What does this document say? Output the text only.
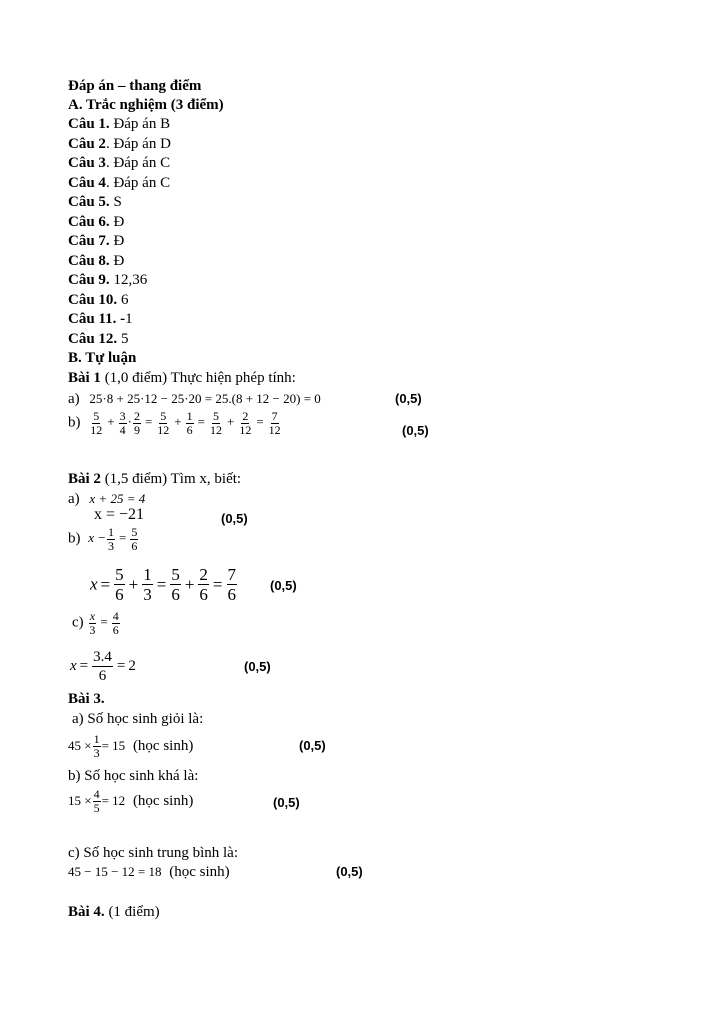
Đáp án – thang điểm
A. Trắc nghiệm (3 điểm)
Câu 1. Đáp án B
Câu 2. Đáp án D
Câu 3. Đáp án C
Câu 4. Đáp án C
Câu 5. S
Câu 6. Đ
Câu 7. Đ
Câu 8. Đ
Câu 9. 12,36
Câu 10. 6
Câu 11. -1
Câu 12. 5
B. Tự luận
Bài 1 (1,0 điểm) Thực hiện phép tính:
a) 25·8 + 25·12 − 25·20 = 25.(8 + 12 − 20) = 0	(0,5)
$b) \frac{5}{12} + \frac{3}{4} \cdot \frac{2}{9} = \frac{5}{12} + \frac{1}{6} = \frac{5}{12} + \frac{2}{12} = \frac{7}{12}$	(0,5)
Bài 2 (1,5 điểm) Tìm x, biết:
a) x + 25 = 4
x = −21	(0,5)
b) $x - \frac{1}{3} = \frac{5}{6}$
$x = \frac{5}{6} + \frac{1}{3} = \frac{5}{6} + \frac{2}{6} = \frac{7}{6}$	(0,5)
$c) \frac{x}{3} = \frac{4}{6}$
$x = \frac{3.4}{6} = 2$	(0,5)
Bài 3.
a) Số học sinh giỏi là:
$45 \times \frac{1}{3} = 15$ (học sinh)	(0,5)
b) Số học sinh khá là:
$15 \times \frac{4}{5} = 12$ (học sinh)	(0,5)
c) Số học sinh trung bình là:
45 − 15 − 12 = 18 (học sinh)	(0,5)
Bài 4. (1 điểm)
